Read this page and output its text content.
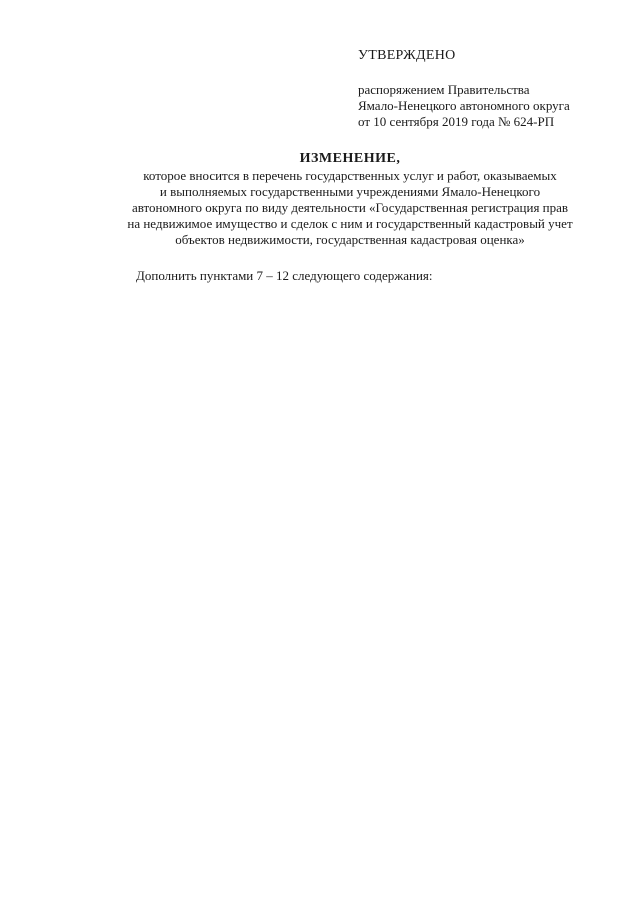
УТВЕРЖДЕНО
распоряжением Правительства
Ямало-Ненецкого автономного округа
от 10 сентября 2019 года № 624-РП
ИЗМЕНЕНИЕ,
которое вносится в перечень государственных услуг и работ, оказываемых
и выполняемых государственными учреждениями Ямало-Ненецкого
автономного округа по виду деятельности «Государственная регистрация прав
на недвижимое имущество и сделок с ним и государственный кадастровый учет
объектов недвижимости, государственная кадастровая оценка»
Дополнить пунктами 7 – 12 следующего содержания:
